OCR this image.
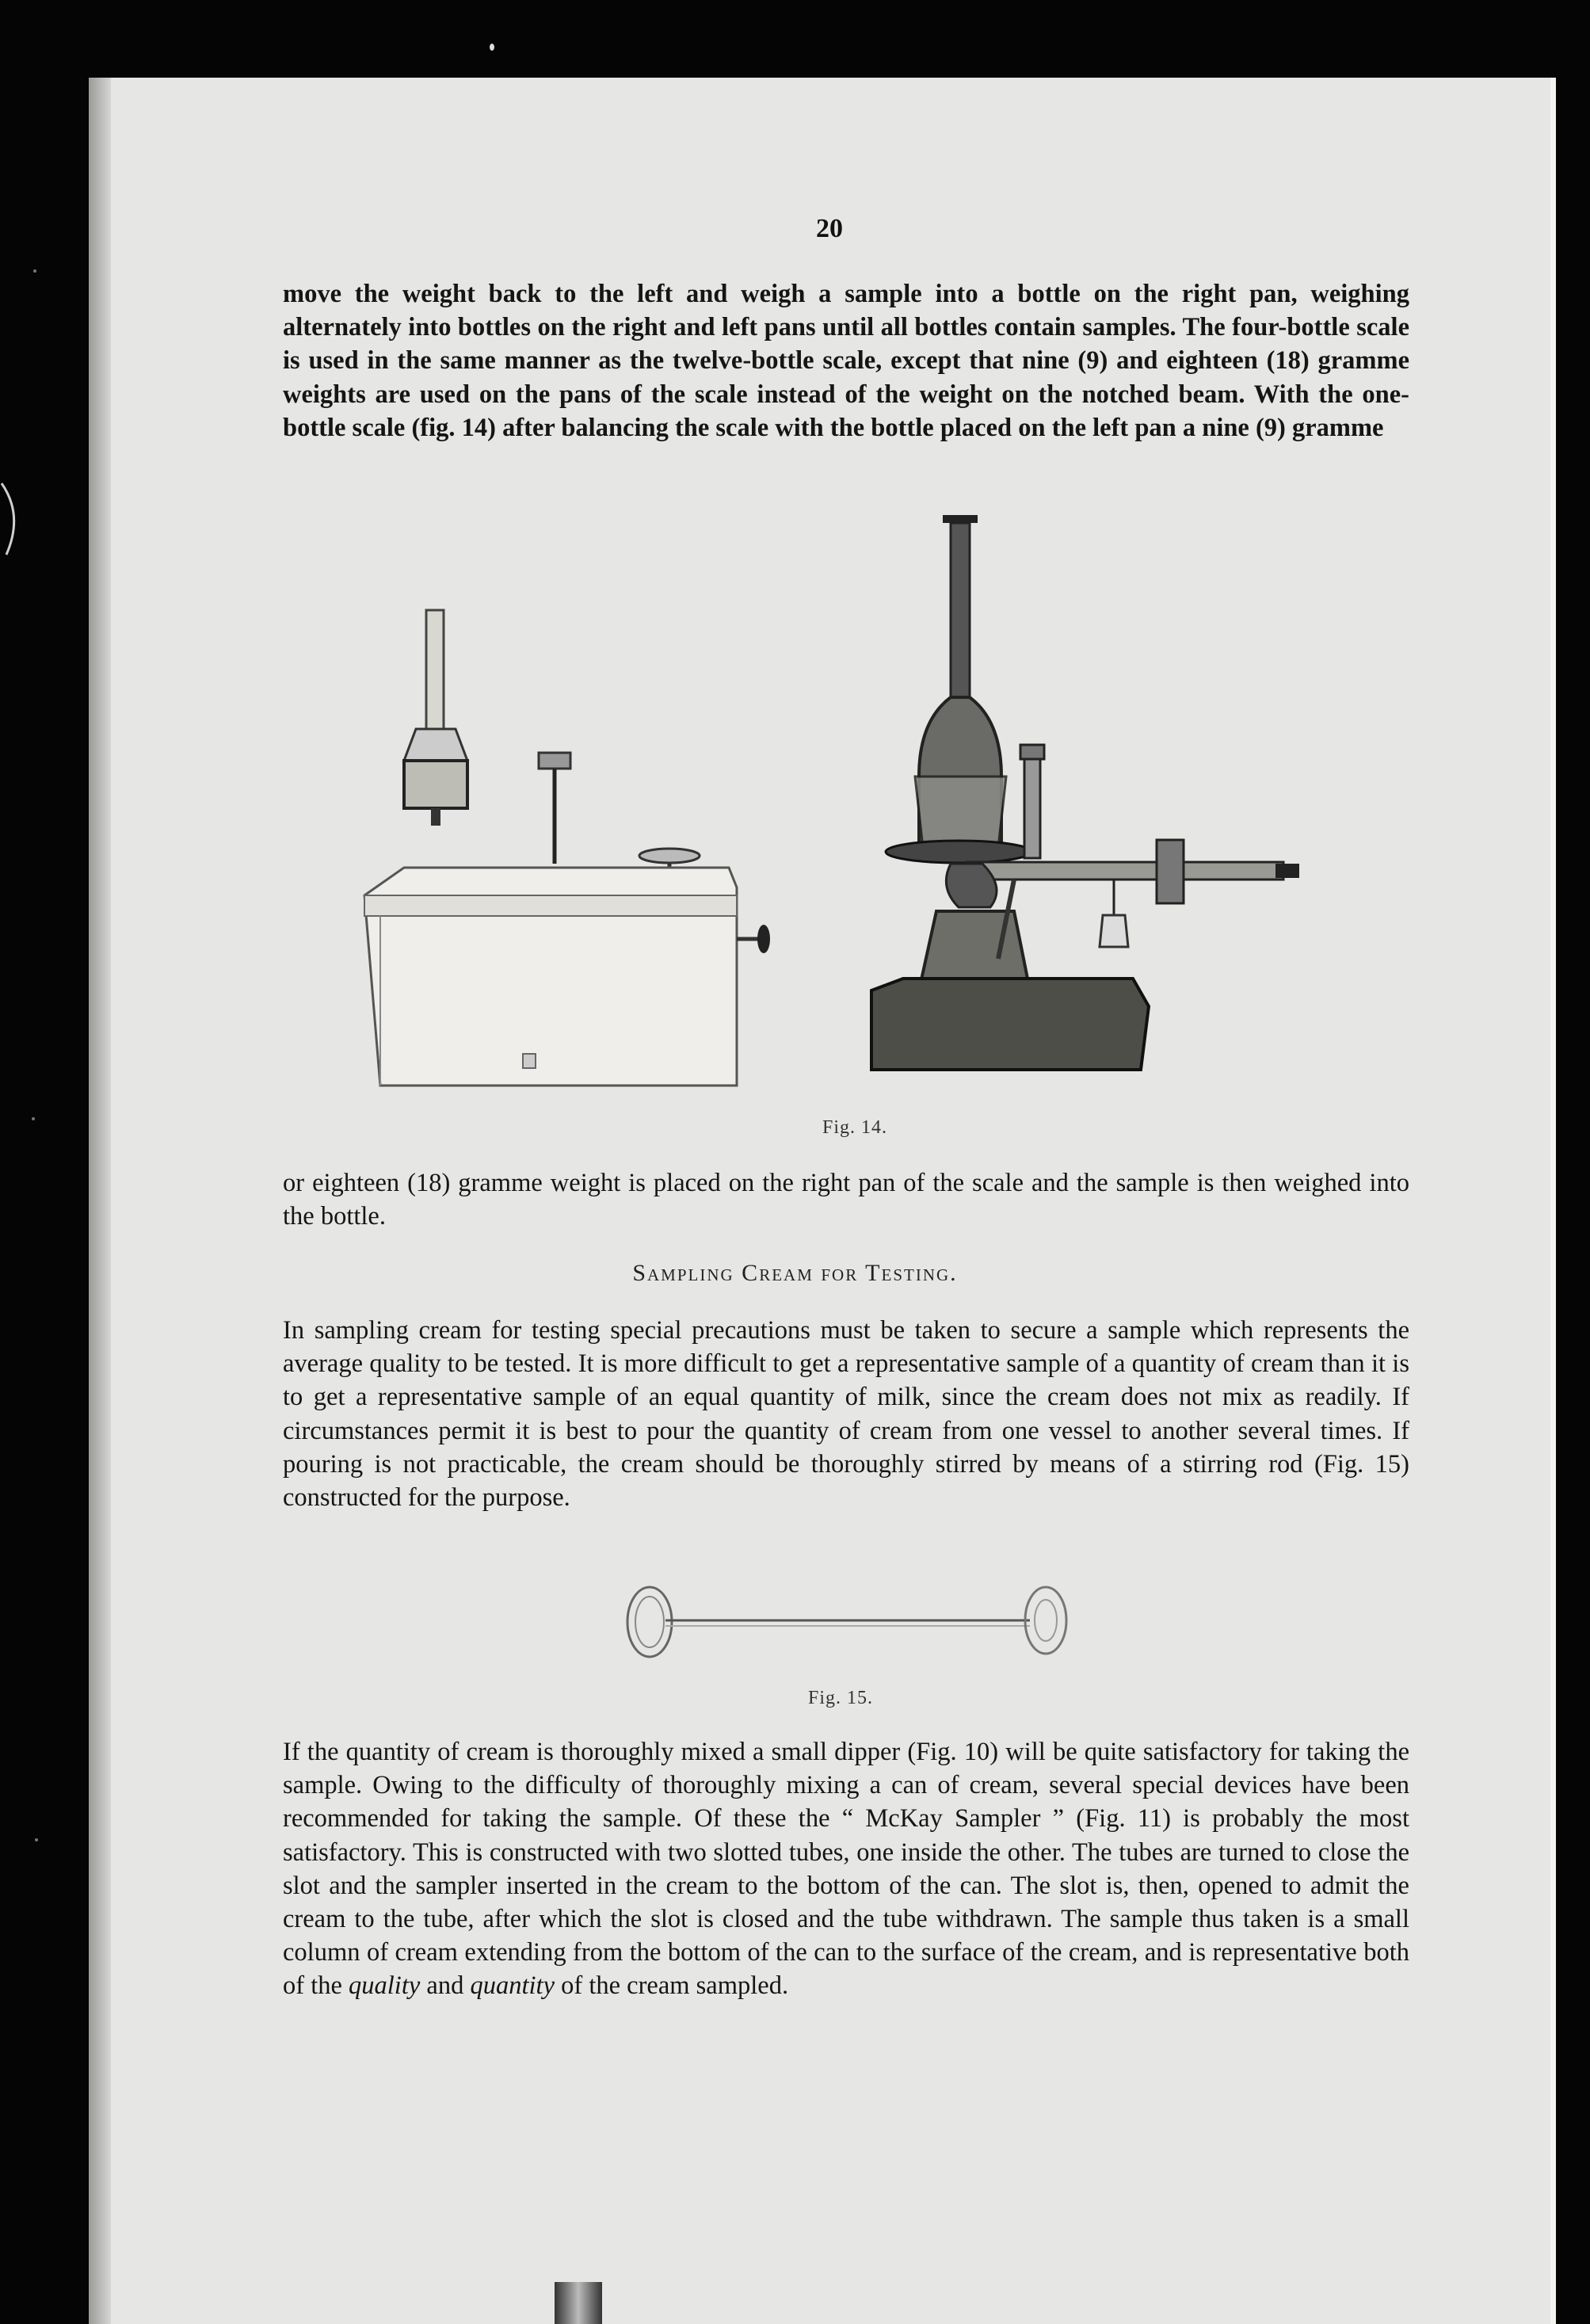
20

move the weight back to the left and weigh a sample into a bottle on the right pan, weighing alternately into bottles on the right and left pans until all bottles contain samples. The four-bottle scale is used in the same manner as the twelve-bottle scale, except that nine (9) and eighteen (18) gramme weights are used on the pans of the scale instead of the weight on the notched beam. With the one-bottle scale (fig. 14) after balancing the scale with the bottle placed on the left pan a nine (9) gramme

Fig. 14.

or eighteen (18) gramme weight is placed on the right pan of the scale and the sample is then weighed into the bottle.

Sampling Cream for Testing.

In sampling cream for testing special precautions must be taken to secure a sample which represents the average quality to be tested. It is more difficult to get a representative sample of a quantity of cream than it is to get a representative sample of an equal quantity of milk, since the cream does not mix as readily. If circumstances permit it is best to pour the quantity of cream from one vessel to another several times. If pouring is not practicable, the cream should be thoroughly stirred by means of a stirring rod (Fig. 15) constructed for the purpose.

Fig. 15.

If the quantity of cream is thoroughly mixed a small dipper (Fig. 10) will be quite satisfactory for taking the sample. Owing to the difficulty of thoroughly mixing a can of cream, several special devices have been recommended for taking the sample. Of these the “ McKay Sampler ” (Fig. 11) is probably the most satisfactory. This is constructed with two slotted tubes, one inside the other. The tubes are turned to close the slot and the sampler inserted in the cream to the bottom of the can. The slot is, then, opened to admit the cream to the tube, after which the slot is closed and the tube withdrawn. The sample thus taken is a small column of cream extending from the bottom of the can to the surface of the cream, and is representative both of the quality and quantity of the cream sampled.
